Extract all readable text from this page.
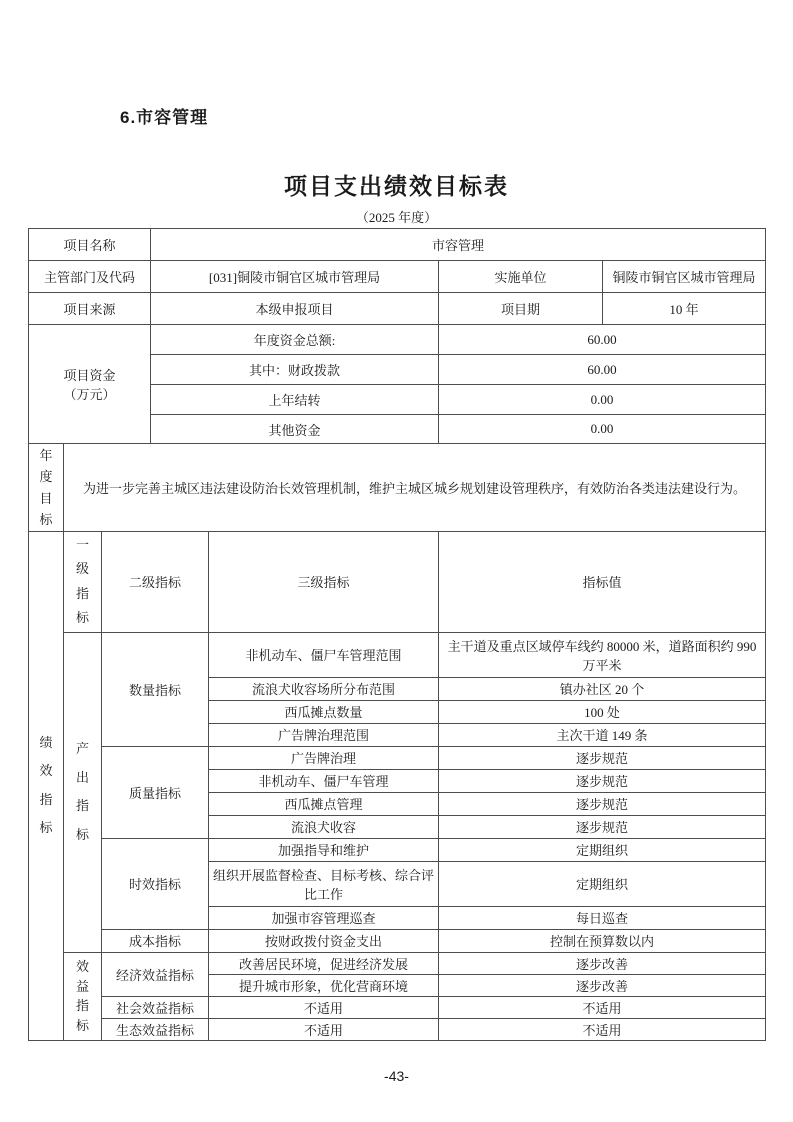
6.市容管理
项目支出绩效目标表
（2025 年度）
项目名称			市容管理			
主管部门及代码			[031]铜陵市铜官区城市管理局		实施单位	铜陵市铜官区城市管理局
项目来源			本级申报项目		项目期	10 年

项目资金
（万元）			年度资金总额:		60.00	
			其中：财政拨款		60.00	
			上年结转		0.00	
			其他资金		0.00	

年度目标	为进一步完善主城区违法建设防治长效管理机制，维护主城区城乡规划建设管理秩序，有效防治各类违法建设行为。					

绩效指标	一级指标	二级指标		三级指标	指标值	

	产出指标	数量指标		非机动车、僵尸车管理范围	主干道及重点区域停车线约 80000 米，道路面积约 990万平米	
				流浪犬收容场所分布范围	镇办社区 20 个	
				西瓜摊点数量	100 处	
				广告牌治理范围	主次干道 149 条	
		质量指标		广告牌治理	逐步规范	
				非机动车、僵尸车管理	逐步规范	
				西瓜摊点管理	逐步规范	
				流浪犬收容	逐步规范	
		时效指标		加强指导和维护	定期组织	
				组织开展监督检查、目标考核、综合评比工作	定期组织	
				加强市容管理巡查	每日巡查	
		成本指标		按财政拨付资金支出	控制在预算数以内	

	效益指标	经济效益指标		改善居民环境，促进经济发展	逐步改善	
				提升城市形象，优化营商环境	逐步改善	
		社会效益指标		不适用	不适用	
		生态效益指标		不适用	不适用	
-43-
